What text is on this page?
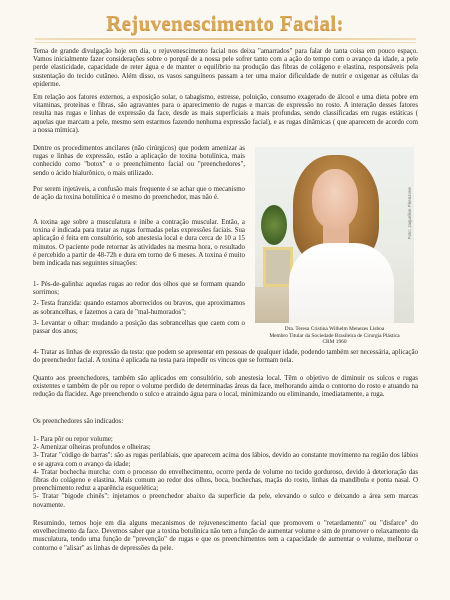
Rejuvenescimento Facial:
Tema de grande divulgação hoje em dia, o rejuvenescimento facial nos deixa "amarrados" para falar de tanta coisa em pouco espaço. Vamos inicialmente fazer considerações sobre o porquê de a nossa pele sofrer tanto com a ação do tempo com o avanço da idade, a pele perde elasticidade, capacidade de reter água e de manter o equilíbrio na produção das fibras de colágeno e elastina, responsáveis pela sustentação do tecido cutâneo. Além disso, os vasos sanguíneos passam a ter uma maior dificuldade de nutrir e oxigenar as células da epiderme.
Em relação aos fatores externos, a exposição solar, o tabagismo, estresse, poluição, consumo exagerado de álcool e uma dieta pobre em vitaminas, proteínas e fibras, são agravantes para o aparecimento de rugas e marcas de expressão no rosto. A interação desses fatores resulta nas rugas e linhas de expressão da face, desde as mais superficiais a mais profundas, sendo classificadas em rugas estáticas ( aquelas que marcam a pele, mesmo sem estarmos fazendo nenhuma expressão facial), e as rugas dinâmicas ( que aparecem de acordo com a nossa mímica).
Dentre os procedimentos ancilares (não cirúrgicos) que podem amenizar as rugas e linhas de expressão, estão a aplicação de toxina botulínica, mais conhecido como "botox" e o preenchimento facial ou "preenchedores", sendo o ácido hialurônico, o mais utilizado.
Por serem injetáveis, a confusão mais frequente é se achar que o mecanismo de ação da toxina botulínica é o mesmo do preenchedor, mas não é.
A toxina age sobre a musculatura e inibe a contração muscular. Então, a toxina é indicada para tratar as rugas formadas pelas expressões faciais. Sua aplicação é feita em consultório, sob anestesia local e dura cerca de 10 a 15 minutos. O paciente pode retornar às atividades na mesma hora, o resultado é percebido a partir de 48-72h e dura em torno de 6 meses. A toxina é muito bem indicada nas seguintes situações:

1- Pés-de-galinha: aquelas rugas ao redor dos olhos que se formam quando sorrimos;

2- Testa franzida: quando estamos aborrecidos ou bravos, que aproximamos as sobrancelhas, e fazemos a cara de "mal-humorados";

3- Levantar o olhar: mudando a posição das sobrancelhas que caem com o passar dos anos;

Foto: Jaqueline Pirenzone
Dra. Teresa Cristina Wilhelm Menezes Lisboa
Membro Titular da Sociedade Brasileira de Cirurgia Plástica
CRM 1960
4- Tratar as linhas de expressão da testa: que podem se apresentar em pessoas de qualquer idade, podendo também ser necessária, aplicação do preenchedor facial. A toxina é aplicada na testa para impedir os vincos que se formam nela.
Quanto aos preenchedores, também são aplicados em consultório, sob anestesia local. Têm o objetivo de diminuir os sulcos e rugas existentes e também de pôr ou repor o volume perdido de determinadas áreas da face, melhorando ainda o contorno do rosto e atuando na redução da flacidez. Age preenchendo o sulco e atraindo água para o local, minimizando ou eliminando, imediatamente, a ruga.
Os preenchedores são indicados:

1- Para pôr ou repor volume;

2- Amenizar olheiras profundos e olheiras;

3- Tratar "código de barras": são as rugas perilabiais, que aparecem acima dos lábios, devido ao constante movimento na região dos lábios e se agrava com o avanço da idade;

4- Tratar bochecha murcha: com o processo do envelhecimento, ocorre perda de volume no tecido gorduroso, devido à deterioração das fibras do colágeno e elastina. Mais comum ao redor dos olhos, boca, bochechas, maçãs do rosto, linhas da mandíbula e ponta nasal. O preenchimento reduz a aparência esquelética;

5- Tratar "bigode chinês": injetamos o preenchedor abaixo da superfície da pele, elevando o sulco e deixando a área sem marcas novamente.

Resumindo, temos hoje em dia alguns mecanismos de rejuvenescimento facial que promovem o "retardamento" ou "disfarce" do envelhecimento da face. Devemos saber que a toxina botulínica não tem a função de aumentar volume e sim de promover o relaxamento da musculatura, tendo uma função de "prevenção" de rugas e que os preenchimentos tem a capacidade de aumentar o volume, melhorar o contorno e "alisar" as linhas de depressões da pele.
